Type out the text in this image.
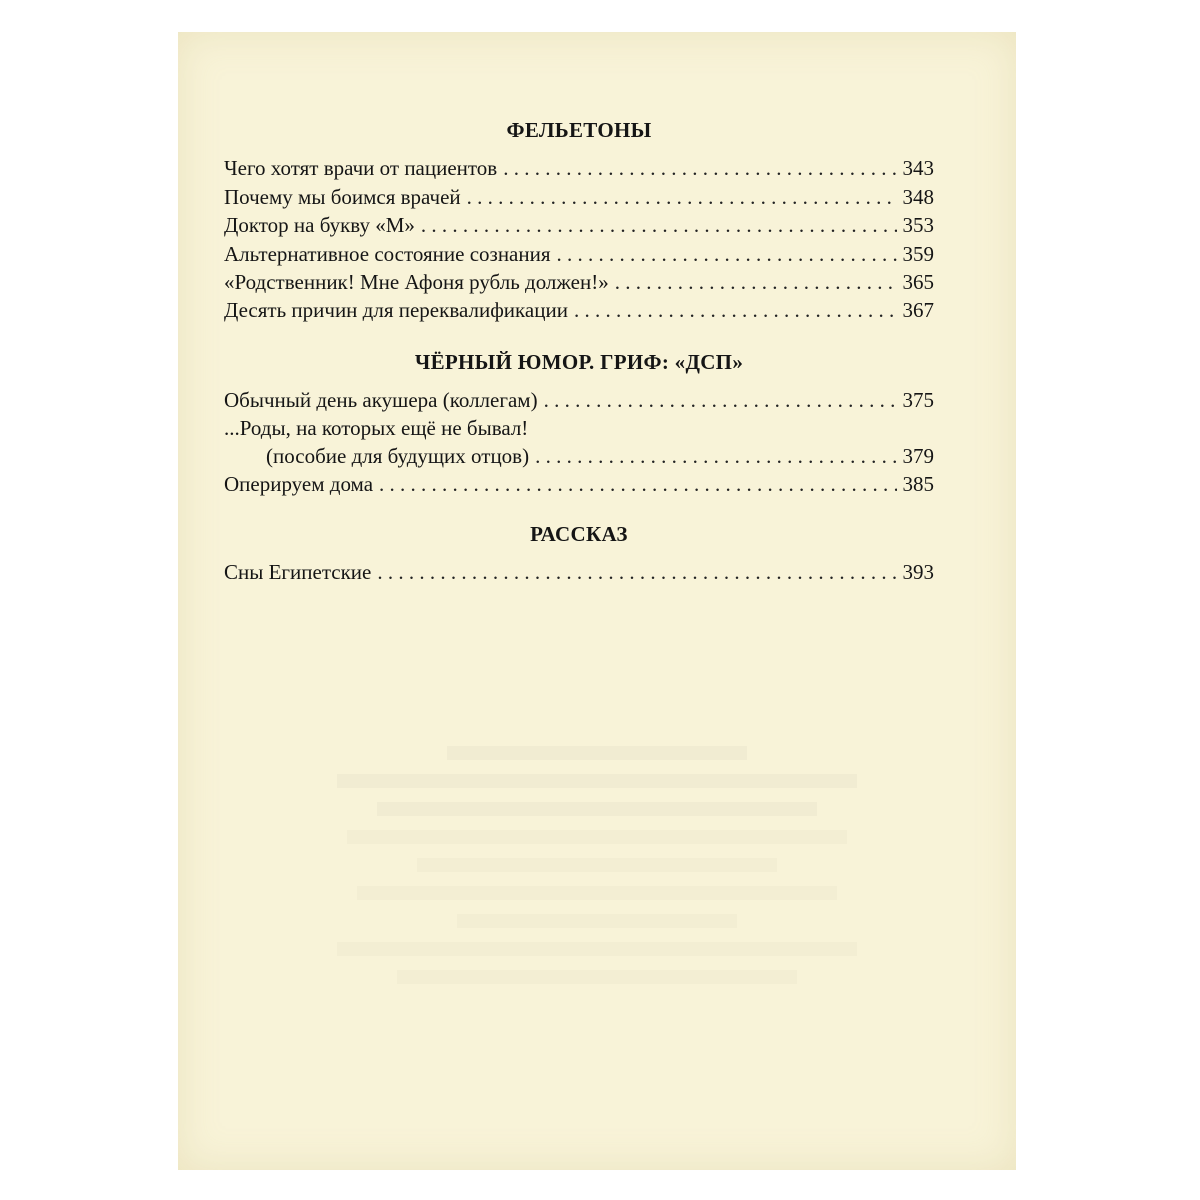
ФЕЛЬЕТОНЫ
Чего хотят врачи от пациентов . . .	343
Почему мы боимся врачей . . .	348
Доктор на букву «М» . . .	353
Альтернативное состояние сознания . . .	359
«Родственник! Мне Афоня рубль должен!» . . .	365
Десять причин для переквалификации . . .	367
ЧЁРНЫЙ ЮМОР. ГРИФ: «ДСП»
Обычный день акушера (коллегам) . . .	375
...Роды, на которых ещё не бывал!
(пособие для будущих отцов) . . .	379
Оперируем дома . . .	385
РАССКАЗ
Сны Египетские . . .	393
